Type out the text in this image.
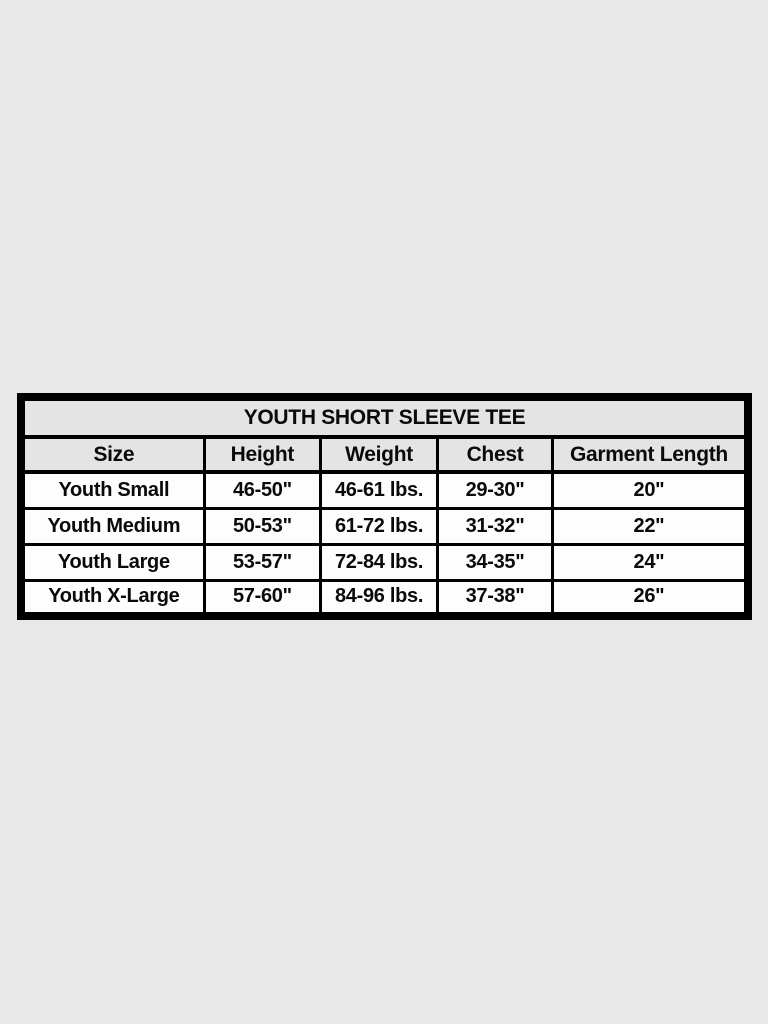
YOUTH SHORT SLEEVE TEE				
Size	Height	Weight	Chest	Garment Length
Youth Small	46-50"	46-61 lbs.	29-30"	20"
Youth Medium	50-53"	61-72 lbs.	31-32"	22"
Youth Large	53-57"	72-84 lbs.	34-35"	24"
Youth X-Large	57-60"	84-96 lbs.	37-38"	26"
